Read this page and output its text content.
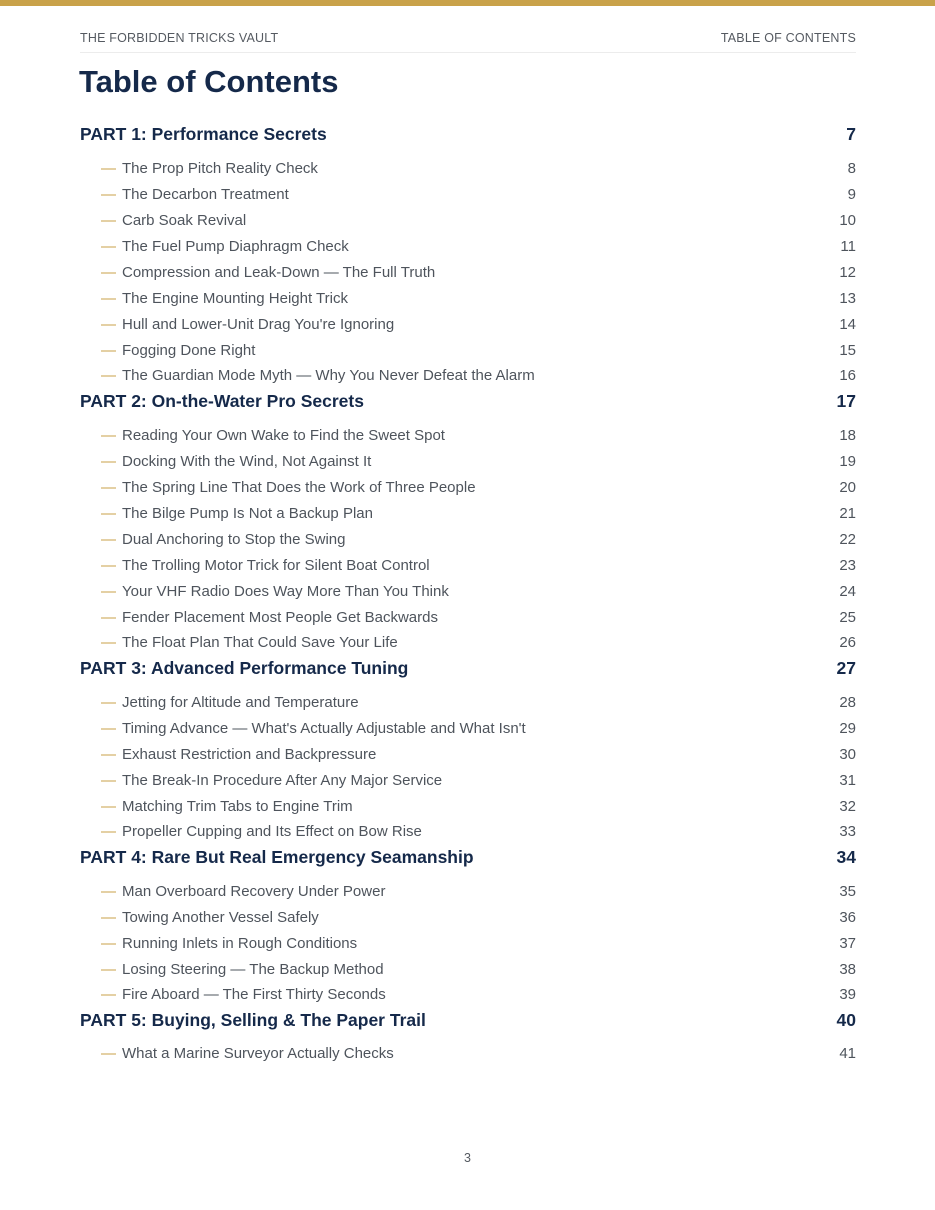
THE FORBIDDEN TRICKS VAULT	TABLE OF CONTENTS
Table of Contents
PART 1: Performance Secrets	7
— The Prop Pitch Reality Check	8
— The Decarbon Treatment	9
— Carb Soak Revival	10
— The Fuel Pump Diaphragm Check	11
— Compression and Leak-Down — The Full Truth	12
— The Engine Mounting Height Trick	13
— Hull and Lower-Unit Drag You're Ignoring	14
— Fogging Done Right	15
— The Guardian Mode Myth — Why You Never Defeat the Alarm	16
PART 2: On-the-Water Pro Secrets	17
— Reading Your Own Wake to Find the Sweet Spot	18
— Docking With the Wind, Not Against It	19
— The Spring Line That Does the Work of Three People	20
— The Bilge Pump Is Not a Backup Plan	21
— Dual Anchoring to Stop the Swing	22
— The Trolling Motor Trick for Silent Boat Control	23
— Your VHF Radio Does Way More Than You Think	24
— Fender Placement Most People Get Backwards	25
— The Float Plan That Could Save Your Life	26
PART 3: Advanced Performance Tuning	27
— Jetting for Altitude and Temperature	28
— Timing Advance — What's Actually Adjustable and What Isn't	29
— Exhaust Restriction and Backpressure	30
— The Break-In Procedure After Any Major Service	31
— Matching Trim Tabs to Engine Trim	32
— Propeller Cupping and Its Effect on Bow Rise	33
PART 4: Rare But Real Emergency Seamanship	34
— Man Overboard Recovery Under Power	35
— Towing Another Vessel Safely	36
— Running Inlets in Rough Conditions	37
— Losing Steering — The Backup Method	38
— Fire Aboard — The First Thirty Seconds	39
PART 5: Buying, Selling & The Paper Trail	40
— What a Marine Surveyor Actually Checks	41
3
